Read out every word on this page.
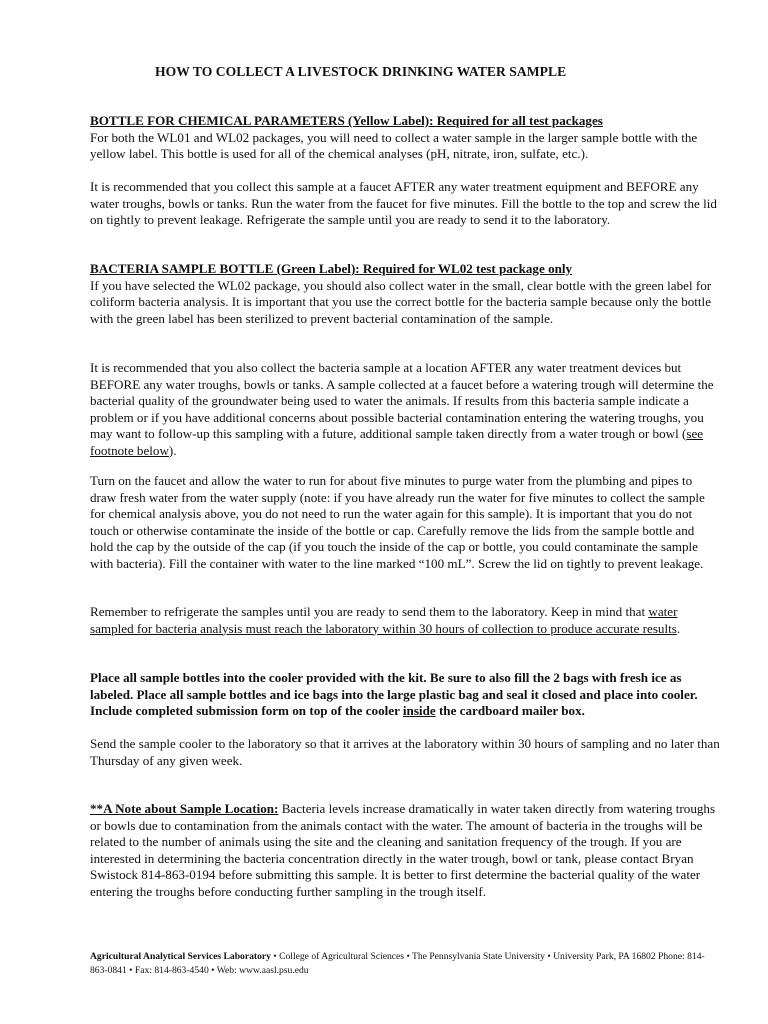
HOW TO COLLECT A LIVESTOCK DRINKING WATER SAMPLE

BOTTLE FOR CHEMICAL PARAMETERS (Yellow Label): Required for all test packages
For both the WL01 and WL02 packages, you will need to collect a water sample in the larger sample bottle with the yellow label. This bottle is used for all of the chemical analyses (pH, nitrate, iron, sulfate, etc.).

It is recommended that you collect this sample at a faucet AFTER any water treatment equipment and BEFORE any water troughs, bowls or tanks. Run the water from the faucet for five minutes. Fill the bottle to the top and screw the lid on tightly to prevent leakage. Refrigerate the sample until you are ready to send it to the laboratory.

BACTERIA SAMPLE BOTTLE (Green Label): Required for WL02 test package only
If you have selected the WL02 package, you should also collect water in the small, clear bottle with the green label for coliform bacteria analysis. It is important that you use the correct bottle for the bacteria sample because only the bottle with the green label has been sterilized to prevent bacterial contamination of the sample.

It is recommended that you also collect the bacteria sample at a location AFTER any water treatment devices but BEFORE any water troughs, bowls or tanks. A sample collected at a faucet before a watering trough will determine the bacterial quality of the groundwater being used to water the animals. If results from this bacteria sample indicate a problem or if you have additional concerns about possible bacterial contamination entering the watering troughs, you may want to follow-up this sampling with a future, additional sample taken directly from a water trough or bowl (see footnote below).

Turn on the faucet and allow the water to run for about five minutes to purge water from the plumbing and pipes to draw fresh water from the water supply (note: if you have already run the water for five minutes to collect the sample for chemical analysis above, you do not need to run the water again for this sample). It is important that you do not touch or otherwise contaminate the inside of the bottle or cap. Carefully remove the lids from the sample bottle and hold the cap by the outside of the cap (if you touch the inside of the cap or bottle, you could contaminate the sample with bacteria). Fill the container with water to the line marked “100 mL”. Screw the lid on tightly to prevent leakage.

Remember to refrigerate the samples until you are ready to send them to the laboratory. Keep in mind that water sampled for bacteria analysis must reach the laboratory within 30 hours of collection to produce accurate results.

Place all sample bottles into the cooler provided with the kit. Be sure to also fill the 2 bags with fresh ice as labeled. Place all sample bottles and ice bags into the large plastic bag and seal it closed and place into cooler. Include completed submission form on top of the cooler inside the cardboard mailer box.

Send the sample cooler to the laboratory so that it arrives at the laboratory within 30 hours of sampling and no later than Thursday of any given week.

**A Note about Sample Location: Bacteria levels increase dramatically in water taken directly from watering troughs or bowls due to contamination from the animals contact with the water. The amount of bacteria in the troughs will be related to the number of animals using the site and the cleaning and sanitation frequency of the trough. If you are interested in determining the bacteria concentration directly in the water trough, bowl or tank, please contact Bryan Swistock 814-863-0194 before submitting this sample. It is better to first determine the bacterial quality of the water entering the troughs before conducting further sampling in the trough itself.

Agricultural Analytical Services Laboratory • College of Agricultural Sciences • The Pennsylvania State University • University Park, PA 16802 Phone: 814-863-0841 • Fax: 814-863-4540 • Web: www.aasl.psu.edu
